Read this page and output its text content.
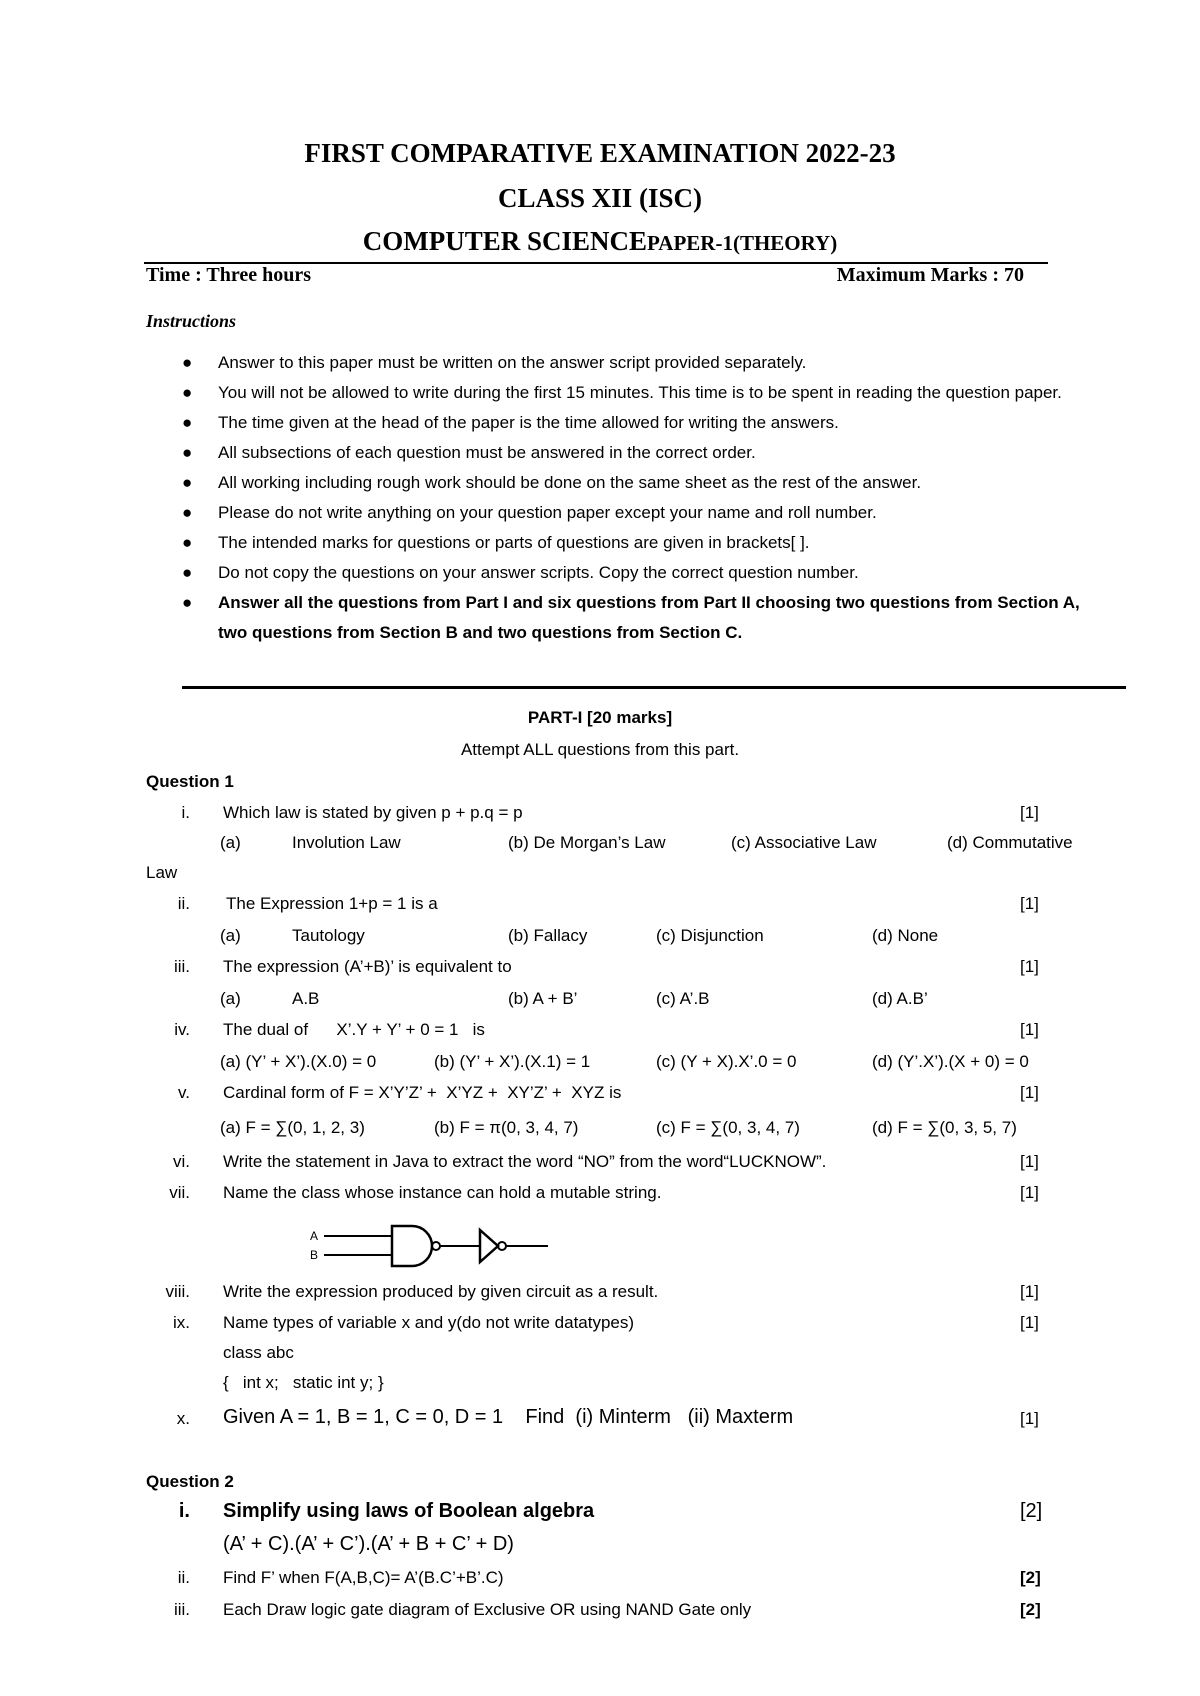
FIRST COMPARATIVE EXAMINATION 2022-23
CLASS XII (ISC)
COMPUTER SCIENCEPAPER-1(THEORY)
Time : Three hours	Maximum Marks : 70
Instructions
● Answer to this paper must be written on the answer script provided separately.
● You will not be allowed to write during the first 15 minutes. This time is to be spent in reading the question paper.
● The time given at the head of the paper is the time allowed for writing the answers.
● All subsections of each question must be answered in the correct order.
● All working including rough work should be done on the same sheet as the rest of the answer.
● Please do not write anything on your question paper except your name and roll number.
● The intended marks for questions or parts of questions are given in brackets[ ].
● Do not copy the questions on your answer scripts. Copy the correct question number.
● Answer all the questions from Part I and six questions from Part II choosing two questions from Section A, two questions from Section B and two questions from Section C.
PART-I [20 marks]
Attempt ALL questions from this part.
Question 1
i. Which law is stated by given p + p.q = p	[1]
(a)	Involution Law	(b) De Morgan’s Law	(c) Associative Law	(d) Commutative
Law
ii. The Expression 1+p = 1 is a	[1]
(a)	Tautology	(b) Fallacy	(c) Disjunction	(d) None
iii. The expression (A’+B)’ is equivalent to	[1]
(a)	A.B	(b) A + B’	(c) A’.B	(d) A.B’
iv. The dual of      X’.Y + Y’ + 0 = 1   is	[1]
(a) (Y’ + X’).(X.0) = 0	(b) (Y’ + X’).(X.1) = 1	(c) (Y + X).X’.0 = 0	(d) (Y’.X’).(X + 0) = 0
v. Cardinal form of F = X’Y’Z’ +  X’YZ +  XY’Z’ +  XYZ is	[1]
(a) F = ∑(0, 1, 2, 3)	(b) F = π(0, 3, 4, 7)	(c) F = ∑(0, 3, 4, 7)	(d) F = ∑(0, 3, 5, 7)
vi. Write the statement in Java to extract the word “NO” from the word“LUCKNOW”.	[1]
vii. Name the class whose instance can hold a mutable string.	[1]
A
B
viii. Write the expression produced by given circuit as a result.	[1]
ix. Name types of variable x and y(do not write datatypes)	[1]
class abc
{   int x;   static int y; }
x. Given A = 1, B = 1, C = 0, D = 1    Find  (i) Minterm   (ii) Maxterm	[1]
Question 2
i. Simplify using laws of Boolean algebra	[2]
(A’ + C).(A’ + C’).(A’ + B + C’ + D)
ii. Find F’ when F(A,B,C)= A’(B.C’+B’.C)	[2]
iii. Each Draw logic gate diagram of Exclusive OR using NAND Gate only	[2]
